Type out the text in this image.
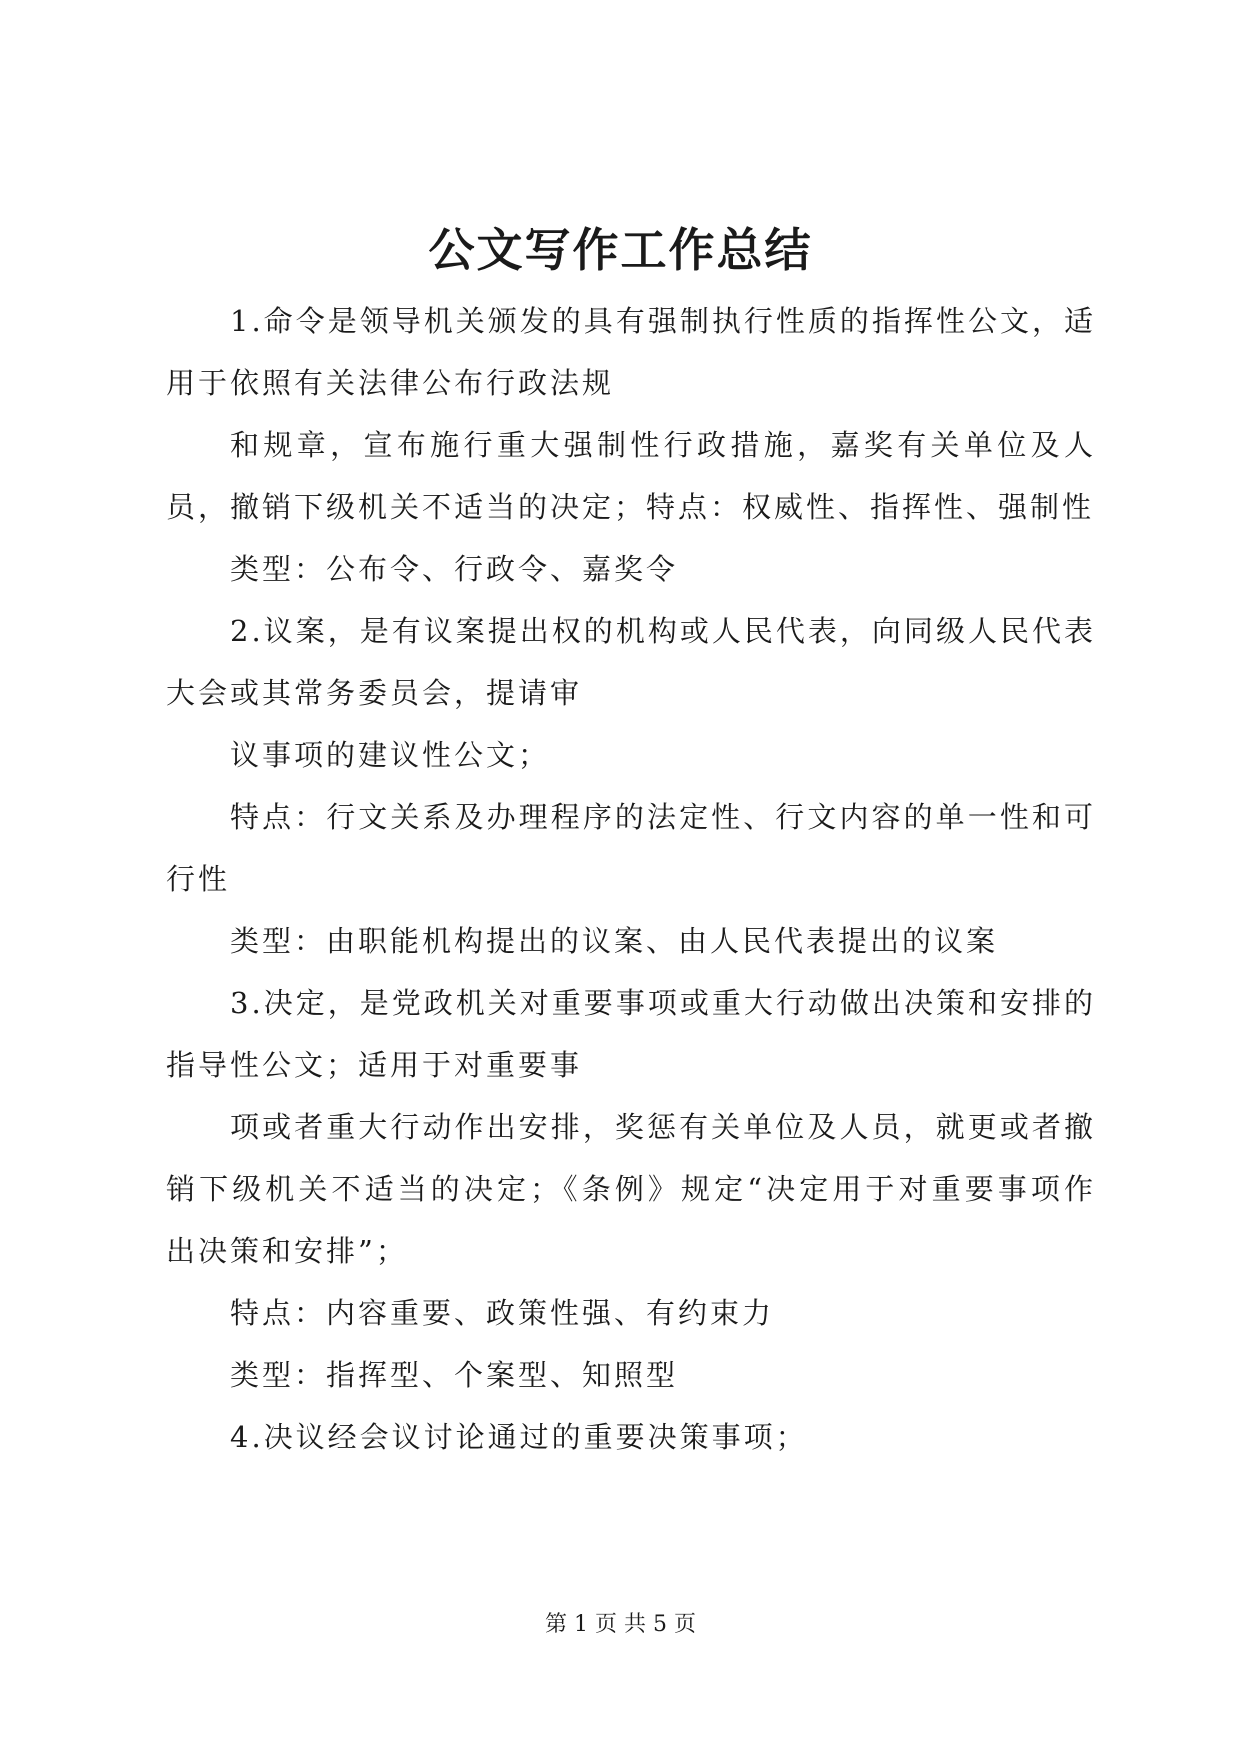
公文写作工作总结

1.命令是领导机关颁发的具有强制执行性质的指挥性公文，适用于依照有关法律公布行政法规

和规章，宣布施行重大强制性行政措施，嘉奖有关单位及人员，撤销下级机关不适当的决定；特点：权威性、指挥性、强制性

类型：公布令、行政令、嘉奖令

2.议案，是有议案提出权的机构或人民代表，向同级人民代表大会或其常务委员会，提请审

议事项的建议性公文；

特点：行文关系及办理程序的法定性、行文内容的单一性和可行性

类型：由职能机构提出的议案、由人民代表提出的议案

3.决定，是党政机关对重要事项或重大行动做出决策和安排的指导性公文；适用于对重要事

项或者重大行动作出安排，奖惩有关单位及人员，就更或者撤销下级机关不适当的决定；《条例》规定“决定用于对重要事项作出决策和安排”；

特点：内容重要、政策性强、有约束力

类型：指挥型、个案型、知照型

4.决议经会议讨论通过的重要决策事项；

第 1 页 共 5 页
